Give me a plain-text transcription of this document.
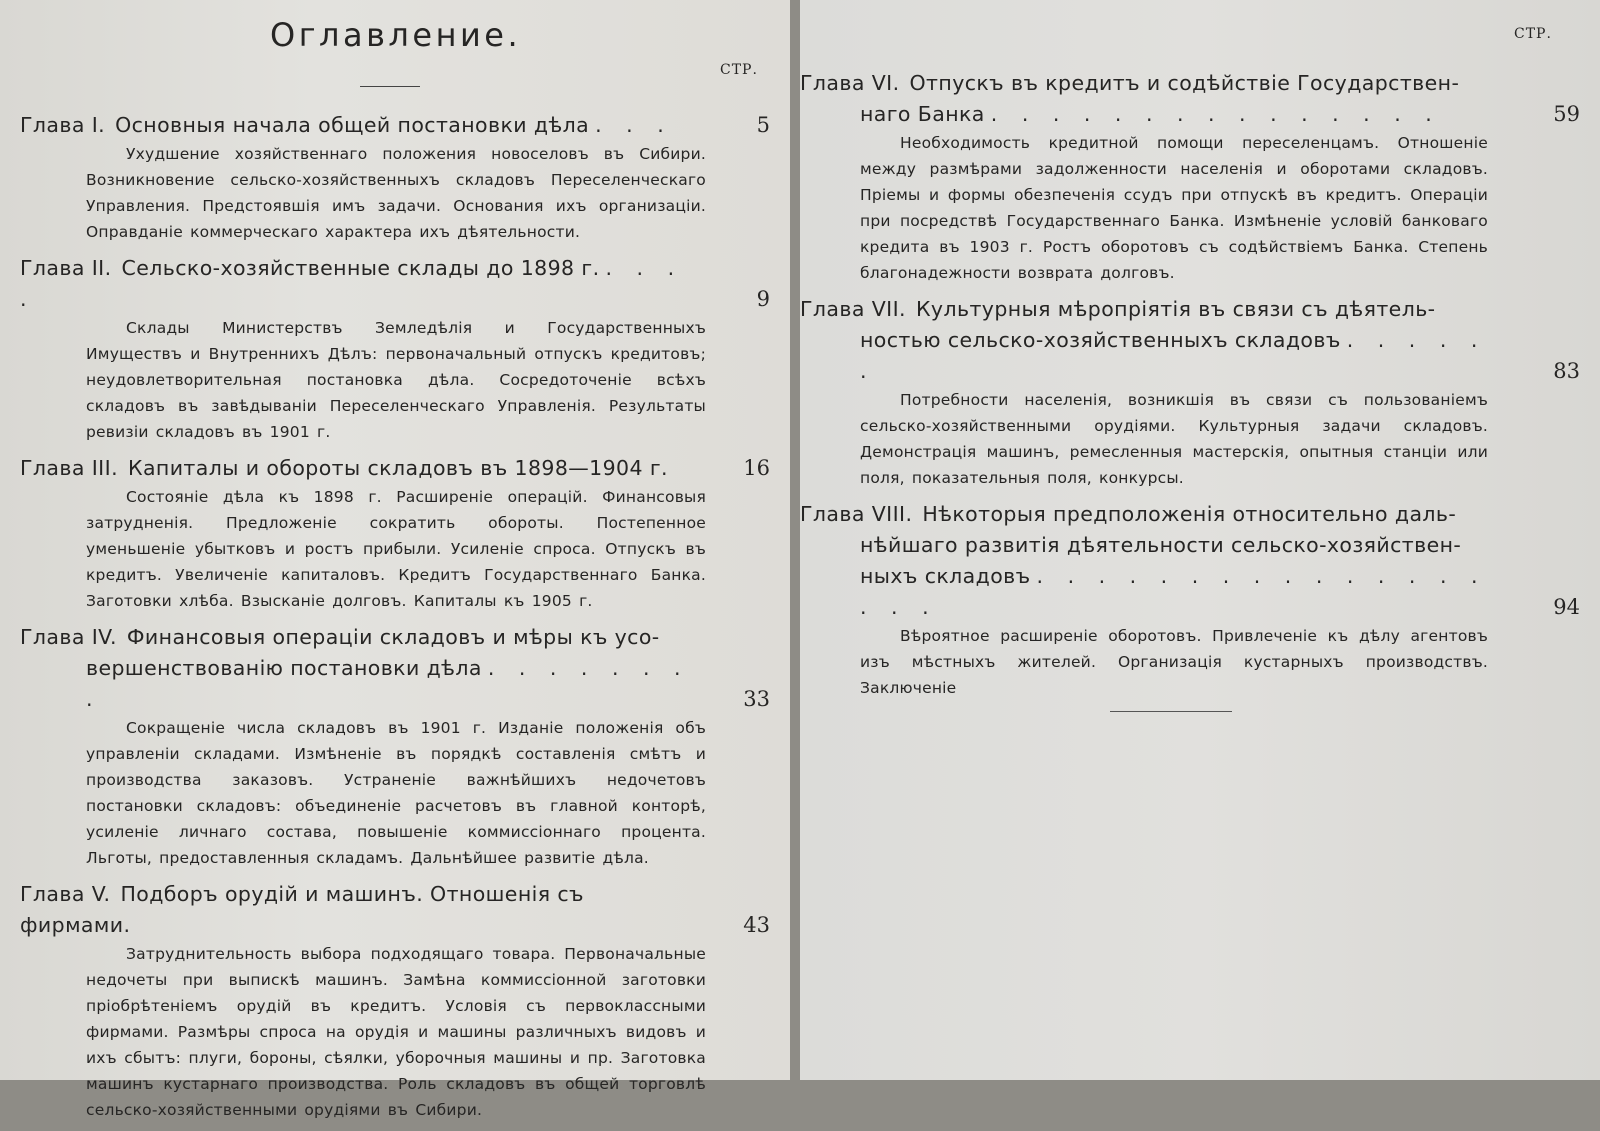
Оглавление.
СТР.
Глава I. Основныя начала общей постановки дѣла . . .	5
Ухудшение хозяйственнаго положения новоселовъ въ Сибири. Возникновение сельско-хозяйственныхъ складовъ Переселенческаго Управления. Предстоявшія имъ задачи. Основания ихъ организаціи. Оправданіе коммерческаго характера ихъ дѣятельности.
Глава II. Сельско-хозяйственные склады до 1898 г. . . . .	9
Склады Министерствъ Земледѣлія и Государственныхъ Имуществъ и Внутреннихъ Дѣлъ: первоначальный отпускъ кредитовъ; неудовлетворительная постановка дѣла. Сосредоточеніе всѣхъ складовъ въ завѣдываніи Переселенческаго Управленія. Результаты ревизіи складовъ въ 1901 г.
Глава III. Капиталы и обороты складовъ въ 1898—1904 г.	16
Состояніе дѣла къ 1898 г. Расширеніе операцій. Финансовыя затрудненія. Предложеніе сократить обороты. Постепенное уменьшеніе убытковъ и ростъ прибыли. Усиленіе спроса. Отпускъ въ кредитъ. Увеличеніе капиталовъ. Кредитъ Государственнаго Банка. Заготовки хлѣба. Взысканіе долговъ. Капиталы къ 1905 г.
Глава IV. Финансовыя операціи складовъ и мѣры къ усо-
вершенствованію постановки дѣла . . . . . . . .	33
Сокращеніе числа складовъ въ 1901 г. Изданіе положенія объ управленіи складами. Измѣненіе въ порядкѣ составленія смѣтъ и производства заказовъ. Устраненіе важнѣйшихъ недочетовъ постановки складовъ: объединеніе расчетовъ въ главной конторѣ, усиленіе личнаго состава, повышеніе коммиссіоннаго процента. Льготы, предоставленныя складамъ. Дальнѣйшее развитіе дѣла.
Глава V. Подборъ орудій и машинъ. Отношенія съ фирмами.	43
Затруднительность выбора подходящаго товара. Первоначальные недочеты при выпискѣ машинъ. Замѣна коммиссіонной заготовки пріобрѣтеніемъ орудій въ кредитъ. Условія съ первоклассными фирмами. Размѣры спроса на орудія и машины различныхъ видовъ и ихъ сбытъ: плуги, бороны, сѣялки, уборочныя машины и пр. Заготовка машинъ кустарнаго производства. Роль складовъ въ общей торговлѣ сельско-хозяйственными орудіями въ Сибири.
СТР.
Глава VI. Отпускъ въ кредитъ и содѣйствіе Государствен-
наго Банка . . . . . . . . . . . . . . .	59
Необходимость кредитной помощи переселенцамъ. Отношеніе между размѣрами задолженности населенія и оборотами складовъ. Пріемы и формы обезпеченія ссудъ при отпускѣ въ кредитъ. Операціи при посредствѣ Государственнаго Банка. Измѣненіе условій банковаго кредита въ 1903 г. Ростъ оборотовъ съ содѣйствіемъ Банка. Степень благонадежности возврата долговъ.
Глава VII. Культурныя мѣропріятія въ связи съ дѣятель-
ностью сельско-хозяйственныхъ складовъ . . . . . .	83
Потребности населенія, возникшія въ связи съ пользованіемъ сельско-хозяйственными орудіями. Культурныя задачи складовъ. Демонстрація машинъ, ремесленныя мастерскія, опытныя станціи или поля, показательныя поля, конкурсы.
Глава VIII. Нѣкоторыя предположенія относительно даль-
нѣйшаго развитія дѣятельности сельско-хозяйствен-
ныхъ складовъ . . . . . . . . . . . . . . . . . .	94
Вѣроятное расширеніе оборотовъ. Привлеченіе къ дѣлу агентовъ изъ мѣстныхъ жителей. Организація кустарныхъ производствъ. Заключеніе
